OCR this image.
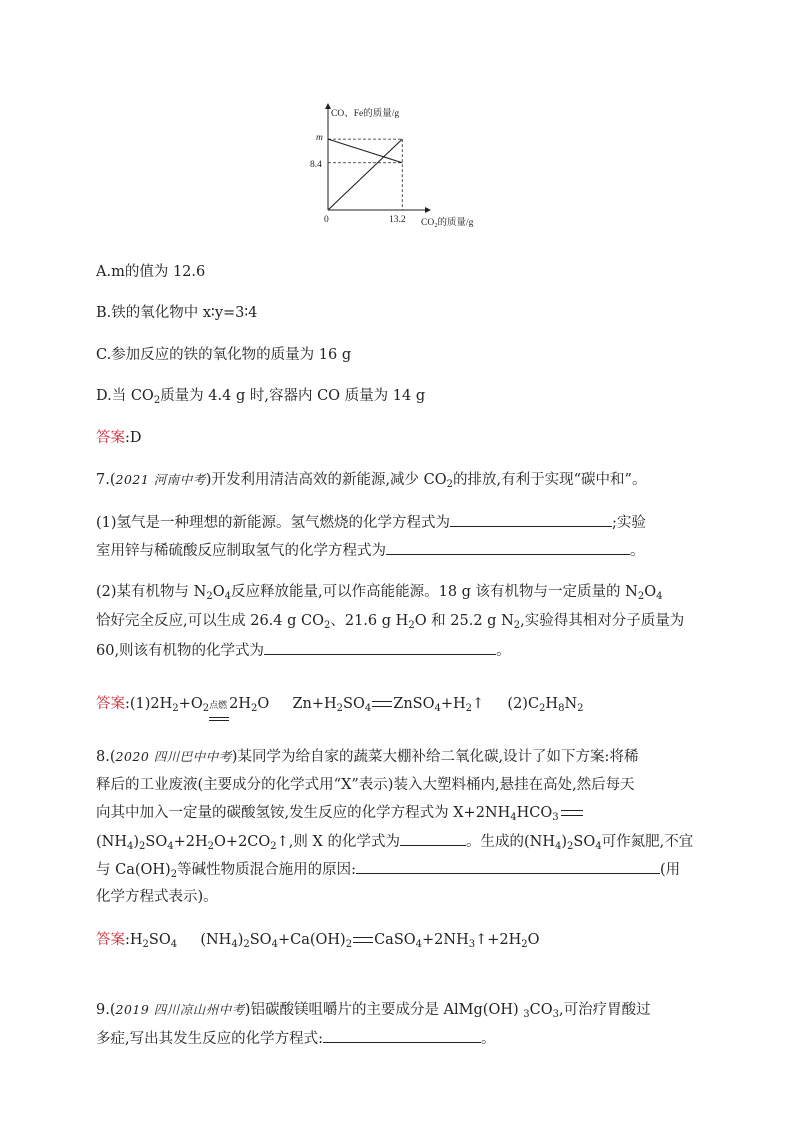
CO、Fe的质量/g
CO₂的质量/g
0	13.2
8.4
m
A.m的值为 12.6
B.铁的氧化物中 x∶y=3∶4
C.参加反应的铁的氧化物的质量为 16 g
D.当 $CO_2$质量为 4.4 g 时,容器内 CO 质量为 14 g
答案:D
7.(2021 河南中考)开发利用清洁高效的新能源,减少 $CO_2$的排放,有利于实现“碳中和”。
(1)氢气是一种理想的新能源。氢气燃烧的化学方程式为	;实验
室用锌与稀硫酸反应制取氢气的化学方程式为	。
(2)某有机物与 $N_2O_4$反应释放能量,可以作高能能源。18 g 该有机物与一定质量的 $N_2O_4$
恰好完全反应,可以生成 26.4 g $CO_2$、21.6 g $H_2O$ 和 25.2 g $N_2$,实验得其相对分子质量为
60,则该有机物的化学式为	。
答案$:(1)2H_2+O_2$ 点燃 $2H_2O$ $Zn+H_2SO_4$ $ZnSO_4+H_2↑$ $(2)C_2H_8N_2$
8.(2020 四川巴中中考)某同学为给自家的蔬菜大棚补给二氧化碳,设计了如下方案:将稀
释后的工业废液(主要成分的化学式用“X”表示)装入大塑料桶内,悬挂在高处,然后每天
向其中加入一定量的碳酸氢铵,发生反应的化学方程式为 $X+2NH_4HCO_3$
$(NH_4)_2SO_4+2H_2O+2CO_2↑$,则 X 的化学式为	。生成的$(NH_4)_2SO_4$可作氮肥,不宜
与 $Ca(OH)_2$等碱性物质混合施用的原因:	(用
化学方程式表示)。
答案$:H_2SO_4$ $(NH_4)_2SO_4+Ca(OH)_2$ $CaSO_4+2NH_3↑+2H_2O$
9.(2019 四川凉山州中考)铝碳酸镁咀嚼片的主要成分是 AlMg(OH) $_3CO_3$,可治疗胃酸过
多症,写出其发生反应的化学方程式:	。
